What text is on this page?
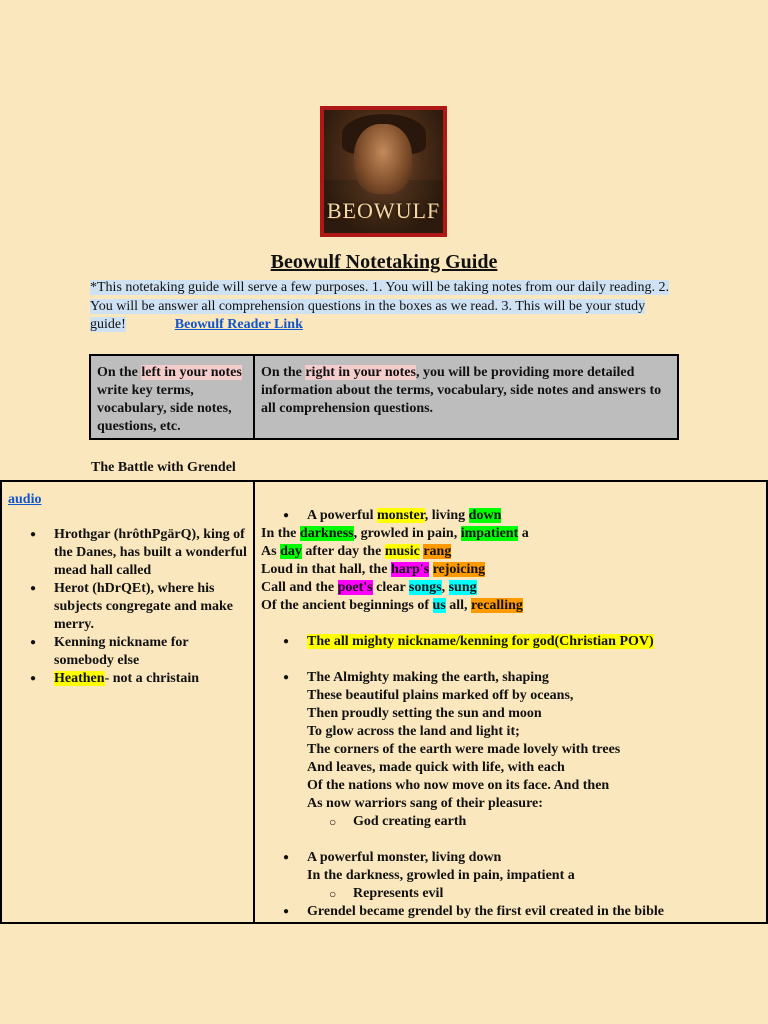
BEOWULF
Beowulf Notetaking Guide
*This notetaking guide will serve a few purposes. 1. You will be taking notes from our daily reading. 2. You will be answer all comprehension questions in the boxes as we read. 3. This will be your study guide!	Beowulf Reader Link
On the left in your notes write key terms, vocabulary, side notes, questions, etc.
On the right in your notes, you will be providing more detailed information about the terms, vocabulary, side notes and answers to all comprehension questions.
The Battle with Grendel
audio
● Hrothgar (hrôthPgärQ), king of the Danes, has built a wonderful mead hall called
● Herot (hDrQEt), where his subjects congregate and make merry.
● Kenning nickname for somebody else
● Heathen- not a christain
● A powerful monster, living down
In the darkness, growled in pain, impatient a
As day after day the music rang
Loud in that hall, the harp's rejoicing
Call and the poet's clear songs, sung
Of the ancient beginnings of us all, recalling
● The all mighty nickname/kenning for god(Christian POV)
● The Almighty making the earth, shaping
These beautiful plains marked off by oceans,
Then proudly setting the sun and moon
To glow across the land and light it;
The corners of the earth were made lovely with trees
And leaves, made quick with life, with each
Of the nations who now move on its face. And then
As now warriors sang of their pleasure:
○ God creating earth
● A powerful monster, living down
In the darkness, growled in pain, impatient a
○ Represents evil
● Grendel became grendel by the first evil created in the bible
